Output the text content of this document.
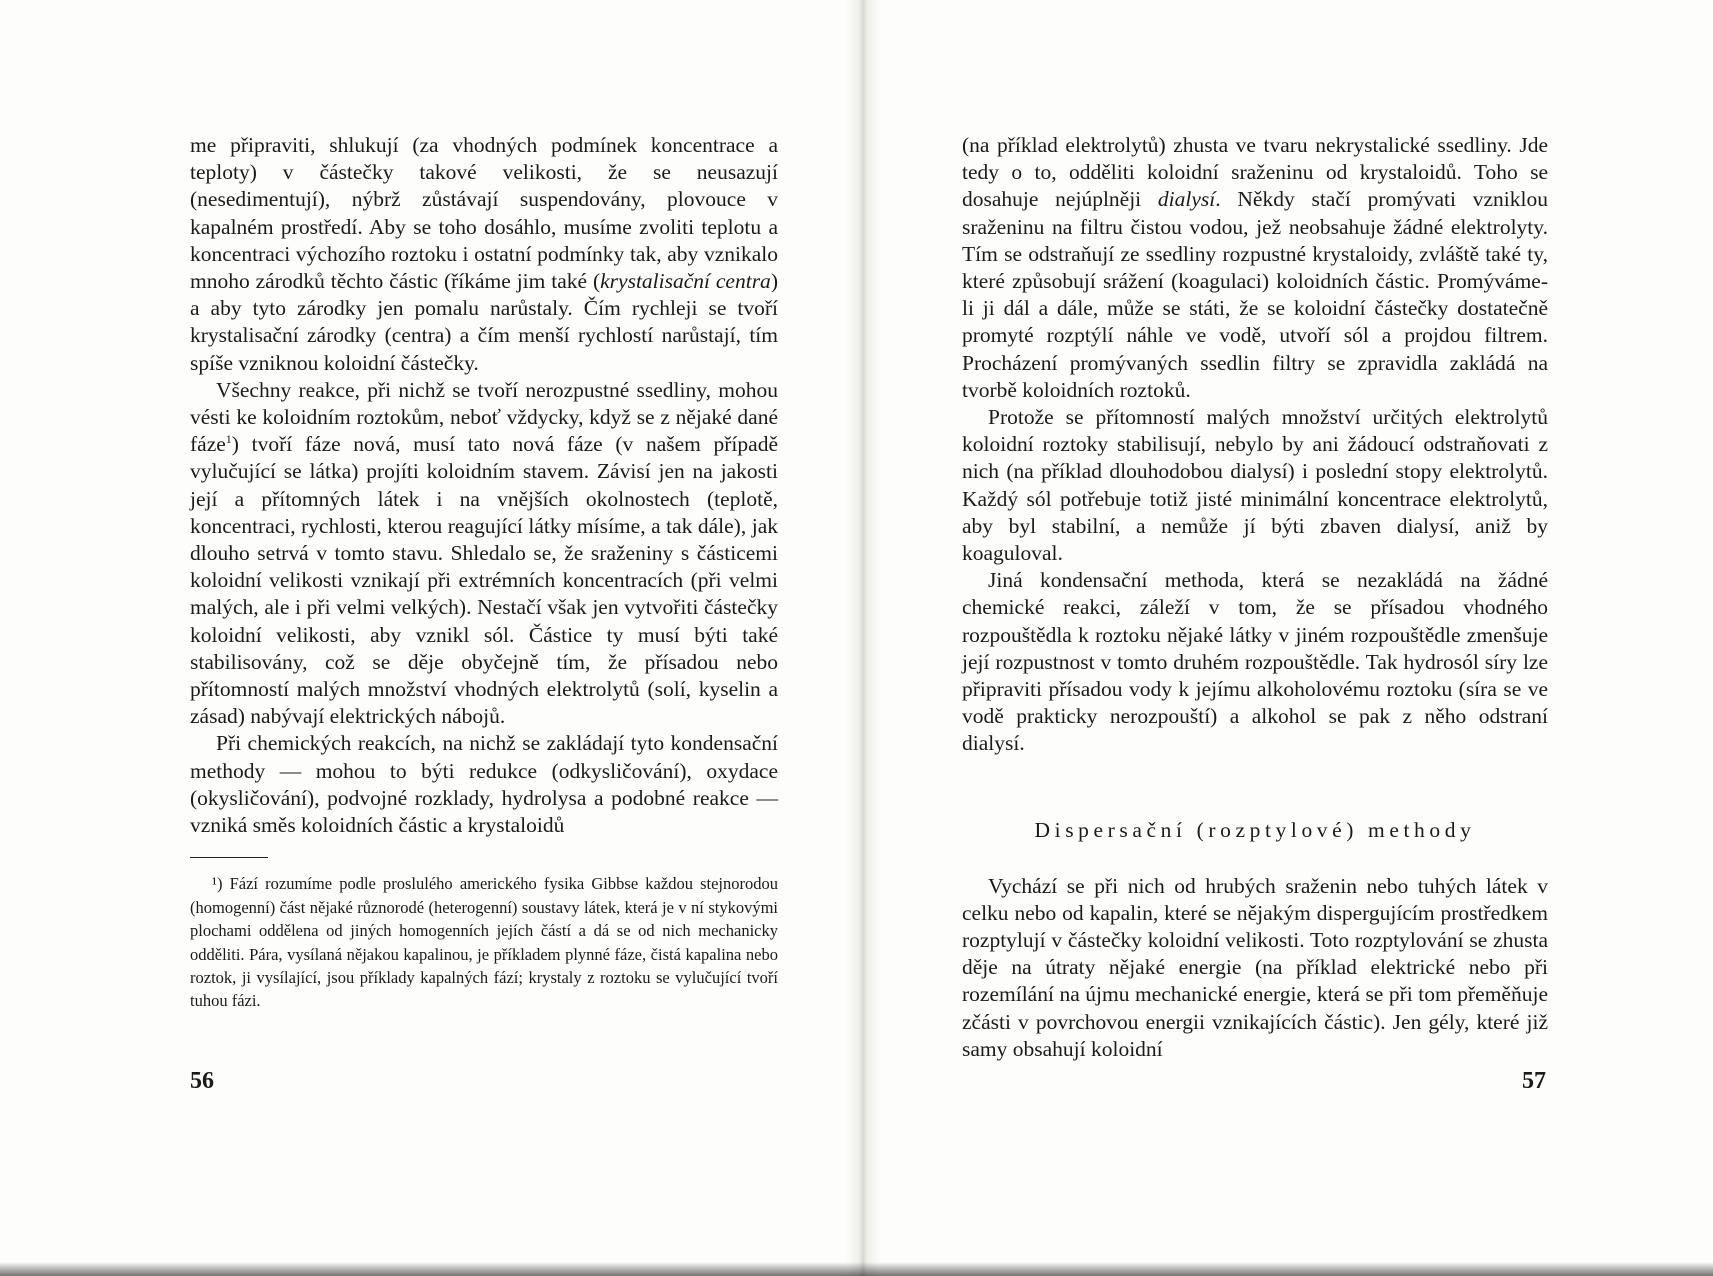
me připraviti, shlukují (za vhodných podmínek koncentrace a teploty) v částečky takové velikosti, že se neusazují (nesedimentují), nýbrž zůstávají suspendovány, plovouce v kapalném prostředí. Aby se toho dosáhlo, musíme zvoliti teplotu a koncentraci výchozího roztoku i ostatní podmínky tak, aby vznikalo mnoho zárodků těchto částic (říkáme jim také (krystalisační centra) a aby tyto zárodky jen pomalu narůstaly. Čím rychleji se tvoří krystalisační zárodky (centra) a čím menší rychlostí narůstají, tím spíše vzniknou koloidní částečky.

Všechny reakce, při nichž se tvoří nerozpustné ssedliny, mohou vésti ke koloidním roztokům, neboť vždycky, když se z nějaké dané fáze$^1$) tvoří fáze nová, musí tato nová fáze (v našem případě vylučující se látka) projíti koloidním stavem. Závisí jen na jakosti její a přítomných látek i na vnějších okolnostech (teplotě, koncentraci, rychlosti, kterou reagující látky mísíme, a tak dále), jak dlouho setrvá v tomto stavu. Shledalo se, že sraženiny s částicemi koloidní velikosti vznikají při extrémních koncentracích (při velmi malých, ale i při velmi velkých). Nestačí však jen vytvořiti částečky koloidní velikosti, aby vznikl sól. Částice ty musí býti také stabilisovány, což se děje obyčejně tím, že přísadou nebo přítomností malých množství vhodných elektrolytů (solí, kyselin a zásad) nabývají elektrických nábojů.

Při chemických reakcích, na nichž se zakládají tyto kondensační methody — mohou to býti redukce (odkysličování), oxydace (okysličování), podvojné rozklady, hydrolysa a podobné reakce — vzniká směs koloidních částic a krystaloidů

¹) Fází rozumíme podle proslulého amerického fysika Gibbse každou stejnorodou (homogenní) část nějaké různorodé (heterogenní) soustavy látek, která je v ní stykovými plochami oddělena od jiných homogenních jejích částí a dá se od nich mechanicky odděliti. Pára, vysílaná nějakou kapalinou, je příkladem plynné fáze, čistá kapalina nebo roztok, ji vysílající, jsou příklady kapalných fází; krystaly z roztoku se vylučující tvoří tuhou fázi.

56

(na příklad elektrolytů) zhusta ve tvaru nekrystalické ssedliny. Jde tedy o to, odděliti koloidní sraženinu od krystaloidů. Toho se dosahuje nejúplněji dialysí. Někdy stačí promývati vzniklou sraženinu na filtru čistou vodou, jež neobsahuje žádné elektrolyty. Tím se odstraňují ze ssedliny rozpustné krystaloidy, zvláště také ty, které způsobují srážení (koagulaci) koloidních částic. Promýváme-li ji dál a dále, může se státi, že se koloidní částečky dostatečně promyté rozptýlí náhle ve vodě, utvoří sól a projdou filtrem. Procházení promývaných ssedlin filtry se zpravidla zakládá na tvorbě koloidních roztoků.

Protože se přítomností malých množství určitých elektrolytů koloidní roztoky stabilisují, nebylo by ani žádoucí odstraňovati z nich (na příklad dlouhodobou dialysí) i poslední stopy elektrolytů. Každý sól potřebuje totiž jisté minimální koncentrace elektrolytů, aby byl stabilní, a nemůže jí býti zbaven dialysí, aniž by koaguloval.

Jiná kondensační methoda, která se nezakládá na žádné chemické reakci, záleží v tom, že se přísadou vhodného rozpouštědla k roztoku nějaké látky v jiném rozpouštědle zmenšuje její rozpustnost v tomto druhém rozpouštědle. Tak hydrosól síry lze připraviti přísadou vody k jejímu alkoholovému roztoku (síra se ve vodě prakticky nerozpouští) a alkohol se pak z něho odstraní dialysí.

Dispersační (rozptylové) methody

Vychází se při nich od hrubých sraženin nebo tuhých látek v celku nebo od kapalin, které se nějakým dispergujícím prostředkem rozptylují v částečky koloidní velikosti. Toto rozptylování se zhusta děje na útraty nějaké energie (na příklad elektrické nebo při rozemílání na újmu mechanické energie, která se při tom přeměňuje zčásti v povrchovou energii vznikajících částic). Jen gély, které již samy obsahují koloidní

57
